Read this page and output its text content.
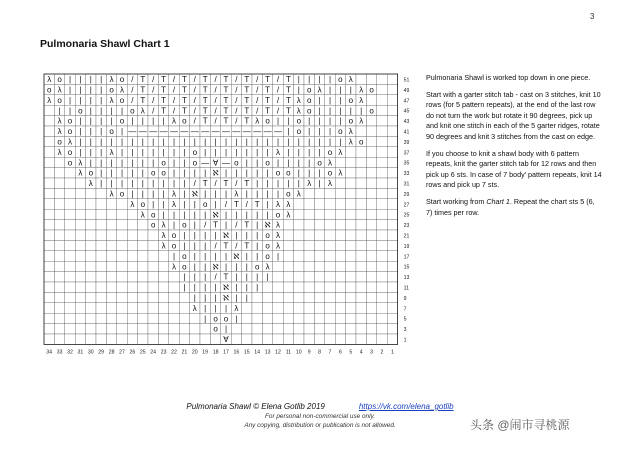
3
Pulmonaria Shawl Chart 1
λ o | | | | λ o / T / T / T / T / T / T / T / T | | | | o λ
o λ | | | | o λ / T / T / T / T / T / T / T / T | o λ | | | λ o
λ o | | | | λ o / T / T / T / T / T / T / T / T λ o | | | o λ
| | o | | | | o λ / T / T / T / T / T / T / T λ o | | | | | o
λ o | | | | o | | | | λ o / T / T / T λ o | | o | | | | o λ
λ o | | | o | — — — — — — — — — — — — — — — | o | | | o λ
o λ | | | | | | | | | | | | | | | | | | | | | | | | | | λ o
λ o | | | λ | | | | | | | o | | | | | | | λ | | | | o λ
o λ | | | | | | | o | | o — ∀ — o | | o | | | | o λ
λ o | | | | | o o | | | | ℵ | | | | | o o | | | o λ
λ | | | | | | | | | / T / T / T | | | | | λ | λ
λ o | | | | λ | ℵ | | | λ | | | | o λ
λ o | | λ | | o | / T / T | λ λ
λ o | | | | | ℵ | | | | | o λ
o λ | o | / T | / T | ℵ λ
λ o | | | | ℵ | | | o λ
λ o | | | / T / T | o λ
| o | | | | ℵ | | o |
λ o | | ℵ | | | o λ
| | | / T | | | |
| | | | ℵ | | |
| | | ℵ | |
λ | | | λ
| o o |
o |
∀
51
49
47
45
43
41
39
37
35
33
31
29
27
25
23
21
19
17
15
13
11
9
7
5
3
1
34 33 32 31 30 29 28 27 26 25 24 23 22 21 20 19 18 17 16 15 14 13 12 11 10 9 8 7 6 5 4 3 2 1

Pulmonaria Shawl is worked top down in one piece.

Start with a garter stitch tab - cast on 3 stitches, knit 10 rows (for 5 pattern repeats), at the end of the last row do not turn the work but rotate it 90 degrees, pick up and knit one stitch in each of the 5 garter ridges, rotate 90 degrees and knit 3 stitches from the cast on edge.

If you choose to knit a shawl body with 6 pattern repeats, knit the garter stitch tab for 12 rows and then pick up 6 sts. In case of 7 body' pattern repeats, knit 14 rows and pick up 7 sts.

Start working from Chart 1. Repeat the chart sts 5 (6, 7) times per row.

Pulmonaria Shawl © Elena Gotlib 2019	https://vk.com/elena_gotlib
For personal non-commercial use only.
Any copying, distribution or publication is not allowed.	头条 @闹市寻桃源
